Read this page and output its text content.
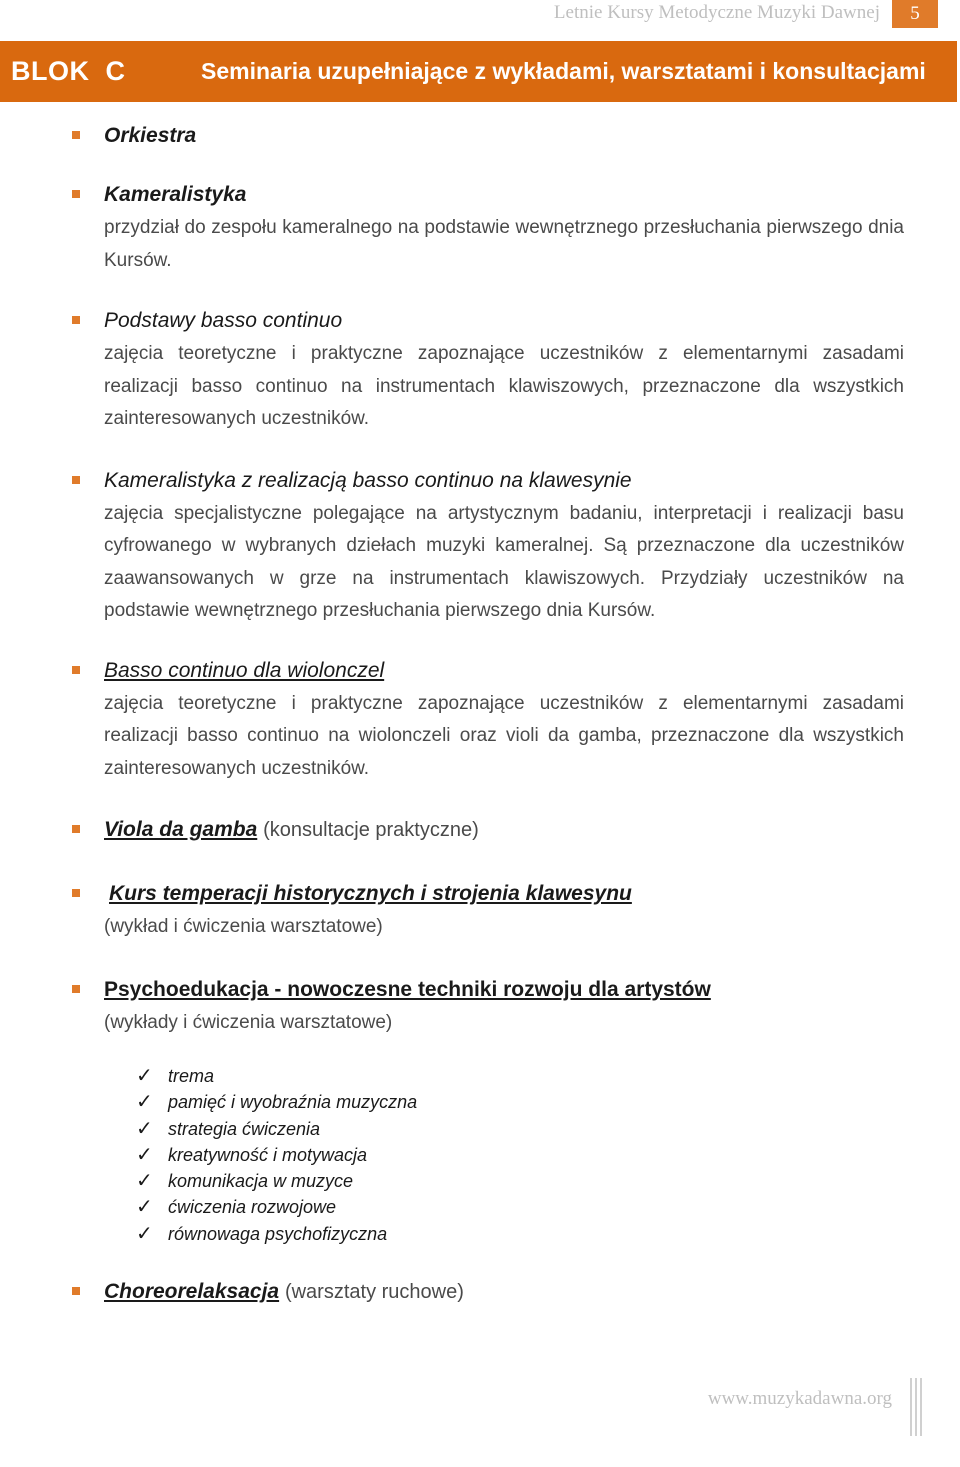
Letnie Kursy Metodyczne Muzyki Dawnej	5
BLOK  C	Seminaria uzupełniające z wykładami, warsztatami i konsultacjami
Orkiestra
Kameralistyka
przydział do zespołu kameralnego na podstawie wewnętrznego przesłuchania pierwszego dnia Kursów.
Podstawy basso continuo
zajęcia teoretyczne i praktyczne zapoznające uczestników z elementarnymi zasadami realizacji basso continuo na instrumentach klawiszowych, przeznaczone dla wszystkich zainteresowanych uczestników.
Kameralistyka z realizacją basso continuo na klawesynie
zajęcia specjalistyczne polegające na artystycznym badaniu, interpretacji i realizacji basu cyfrowanego w wybranych dziełach muzyki kameralnej. Są przeznaczone dla uczestników zaawansowanych w grze na instrumentach klawiszowych. Przydziały uczestników na podstawie wewnętrznego przesłuchania pierwszego dnia Kursów.
Basso continuo dla wiolonczel
zajęcia teoretyczne i praktyczne zapoznające uczestników z elementarnymi zasadami realizacji basso continuo na wiolonczeli oraz violi da gamba, przeznaczone dla wszystkich zainteresowanych uczestników.
Viola da gamba (konsultacje praktyczne)
Kurs temperacji historycznych i strojenia klawesynu
(wykład i ćwiczenia warsztatowe)
Psychoedukacja - nowoczesne techniki rozwoju dla artystów
(wykłady i ćwiczenia warsztatowe)
✓ trema
✓ pamięć i wyobraźnia muzyczna
✓ strategia ćwiczenia
✓ kreatywność i motywacja
✓ komunikacja w muzyce
✓ ćwiczenia rozwojowe
✓ równowaga psychofizyczna
Choreorelaksacja (warsztaty ruchowe)
www.muzykadawna.org
